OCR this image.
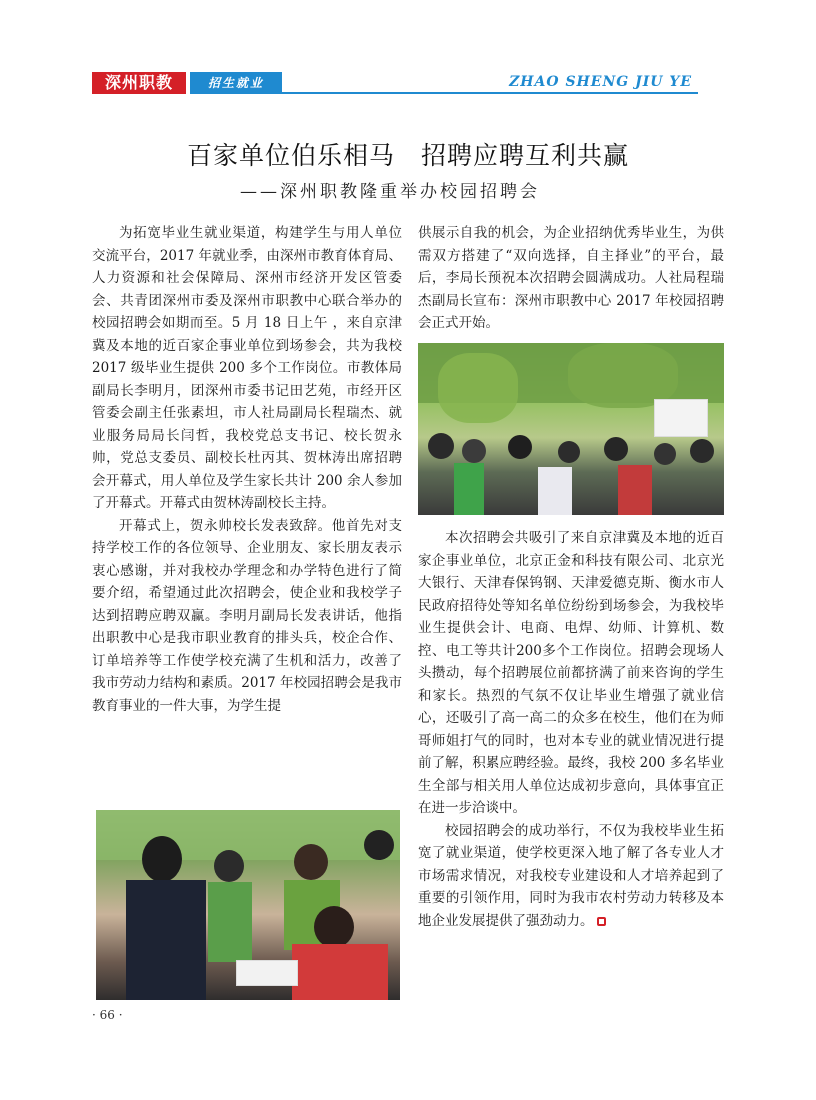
深州职教	招生就业	ZHAO SHENG JIU YE
百家单位伯乐相马　招聘应聘互利共赢
——深州职教隆重举办校园招聘会

为拓宽毕业生就业渠道，构建学生与用人单位交流平台，2017 年就业季，由深州市教育体育局、人力资源和社会保障局、深州市经济开发区管委会、共青团深州市委及深州市职教中心联合举办的校园招聘会如期而至。5 月 18 日上午 ，来自京津冀及本地的近百家企事业单位到场参会，共为我校 2017 级毕业生提供 200 多个工作岗位。市教体局副局长李明月，团深州市委书记田艺苑，市经开区管委会副主任张素坦，市人社局副局长程瑞杰、就业服务局局长闫哲，我校党总支书记、校长贺永帅，党总支委员、副校长杜丙其、贺林涛出席招聘会开幕式，用人单位及学生家长共计 200 余人参加了开幕式。开幕式由贺林涛副校长主持。

开幕式上，贺永帅校长发表致辞。他首先对支持学校工作的各位领导、企业朋友、家长朋友表示衷心感谢，并对我校办学理念和办学特色进行了简要介绍，希望通过此次招聘会，使企业和我校学子达到招聘应聘双赢。李明月副局长发表讲话，他指出职教中心是我市职业教育的排头兵，校企合作、订单培养等工作使学校充满了生机和活力，改善了我市劳动力结构和素质。2017 年校园招聘会是我市教育事业的一件大事，为学生提

供展示自我的机会，为企业招纳优秀毕业生，为供需双方搭建了“双向选择，自主择业”的平台，最后，李局长预祝本次招聘会圆满成功。人社局程瑞杰副局长宣布：深州市职教中心 2017 年校园招聘会正式开始。

本次招聘会共吸引了来自京津冀及本地的近百家企事业单位，北京正金和科技有限公司、北京光大银行、天津春保钨钢、天津爱德克斯、衡水市人民政府招待处等知名单位纷纷到场参会，为我校毕业生提供会计、电商、电焊、幼师、计算机、数控、电工等共计200多个工作岗位。招聘会现场人头攒动，每个招聘展位前都挤满了前来咨询的学生和家长。热烈的气氛不仅让毕业生增强了就业信心，还吸引了高一高二的众多在校生，他们在为师哥师姐打气的同时，也对本专业的就业情况进行提前了解，积累应聘经验。最终，我校 200 多名毕业生全部与相关用人单位达成初步意向，具体事宜正在进一步洽谈中。

校园招聘会的成功举行，不仅为我校毕业生拓宽了就业渠道，使学校更深入地了解了各专业人才市场需求情况，对我校专业建设和人才培养起到了重要的引领作用，同时为我市农村劳动力转移及本地企业发展提供了强劲动力。

· 66 ·
